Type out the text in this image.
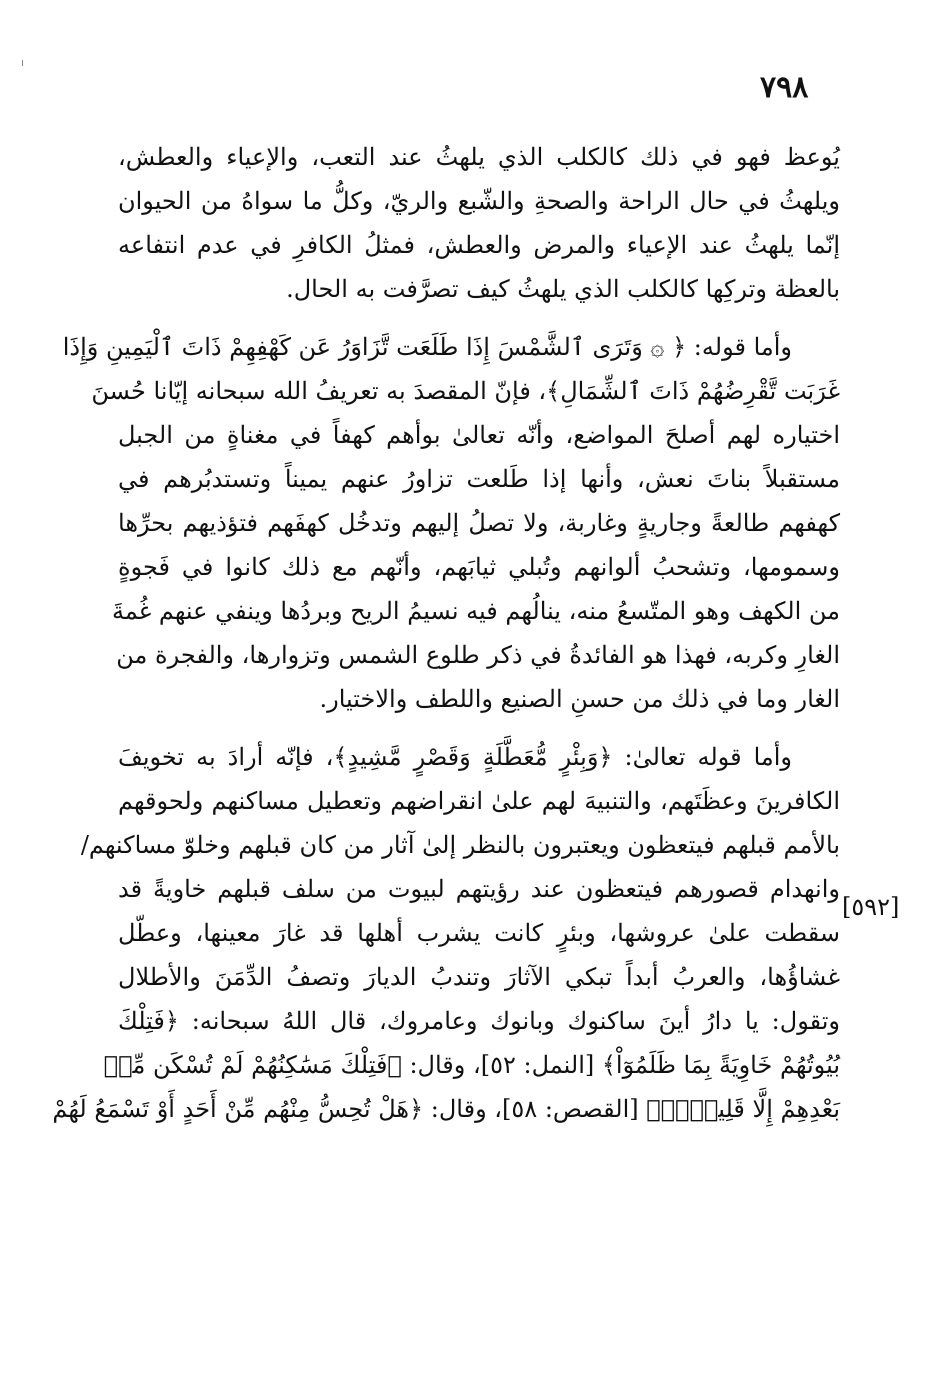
٧٩٨
[٥٩٢]
يُوعظ فهو في ذلك كالكلب الذي يلهثُ عند التعب، والإعياء والعطش،
ويلهثُ في حال الراحة والصحةِ والشّبع والريّ، وكلُّ ما سواهُ من الحيوان
إنّما يلهثُ عند الإعياء والمرض والعطش، فمثلُ الكافرِ في عدم انتفاعه
بالعظة وتركِها كالكلب الذي يلهثُ كيف تصرَّفت به الحال.
وأما قوله: ﴿ ۞ وَتَرَى ٱلشَّمْسَ إِذَا طَلَعَت تَّزَاوَرُ عَن كَهْفِهِمْ ذَاتَ ٱلْيَمِينِ وَإِذَا
غَرَبَت تَّقْرِضُهُمْ ذَاتَ ٱلشِّمَالِ﴾، فإنّ المقصدَ به تعريفُ الله سبحانه إيّانا حُسنَ
اختياره لهم أصلحَ المواضع، وأنّه تعالىٰ بوأهم كهفاً في مغناةٍ من الجبل
مستقبلاً بناتَ نعش، وأنها إذا طَلعت تزاورُ عنهم يميناً وتستدبُرهم في
كهفهم طالعةً وجاريةٍ وغاربة، ولا تصلُ إليهم وتدخُل كهفَهم فتؤذيهم بحرِّها
وسمومها، وتشحبُ ألوانهم وتُبلي ثيابَهم، وأنّهم مع ذلك كانوا في فَجوةٍ
من الكهف وهو المتّسعُ منه، ينالُهم فيه نسيمُ الريح وبردُها وينفي عنهم غُمةَ
الغارِ وكربه، فهذا هو الفائدةُ في ذكر طلوع الشمس وتزوارها، والفجرة من
الغار وما في ذلك من حسنِ الصنيع واللطف والاختيار.
وأما قوله تعالىٰ: ﴿وَبِئْرٍ مُّعَطَّلَةٍ وَقَصْرٍ مَّشِيدٍ﴾، فإنّه أرادَ به تخويفَ
الكافرينَ وعظَتَهم، والتنبيهَ لهم علىٰ انقراضهم وتعطيل مساكنهم ولحوقهم
بالأمم قبلهم فيتعظون ويعتبرون بالنظر إلىٰ آثار من كان قبلهم وخلوّ مساكنهم/
وانهدام قصورهم فيتعظون عند رؤيتهم لبيوت من سلف قبلهم خاويةً قد
سقطت علىٰ عروشها، وبئرٍ كانت يشرب أهلها قد غارَ معينها، وعطّل
غشاؤُها، والعربُ أبداً تبكي الآثارَ وتندبُ الديارَ وتصفُ الدِّمَنَ والأطلال
وتقول: يا دارُ أينَ ساكنوك وبانوك وعامروك، قال اللهُ سبحانه: ﴿فَتِلْكَ
بُيُوتُهُمْ خَاوِيَةً بِمَا ظَلَمُوٓاْ﴾ [النمل: ٥٢]، وقال: ﴿فَتِلْكَ مَسَٰكِنُهُمْ لَمْ تُسْكَن مِّنۢ
بَعْدِهِمْ إِلَّا قَلِيلًاۖ﴾ [القصص: ٥٨]، وقال: ﴿هَلْ تُحِسُّ مِنْهُم مِّنْ أَحَدٍ أَوْ تَسْمَعُ لَهُمْ
